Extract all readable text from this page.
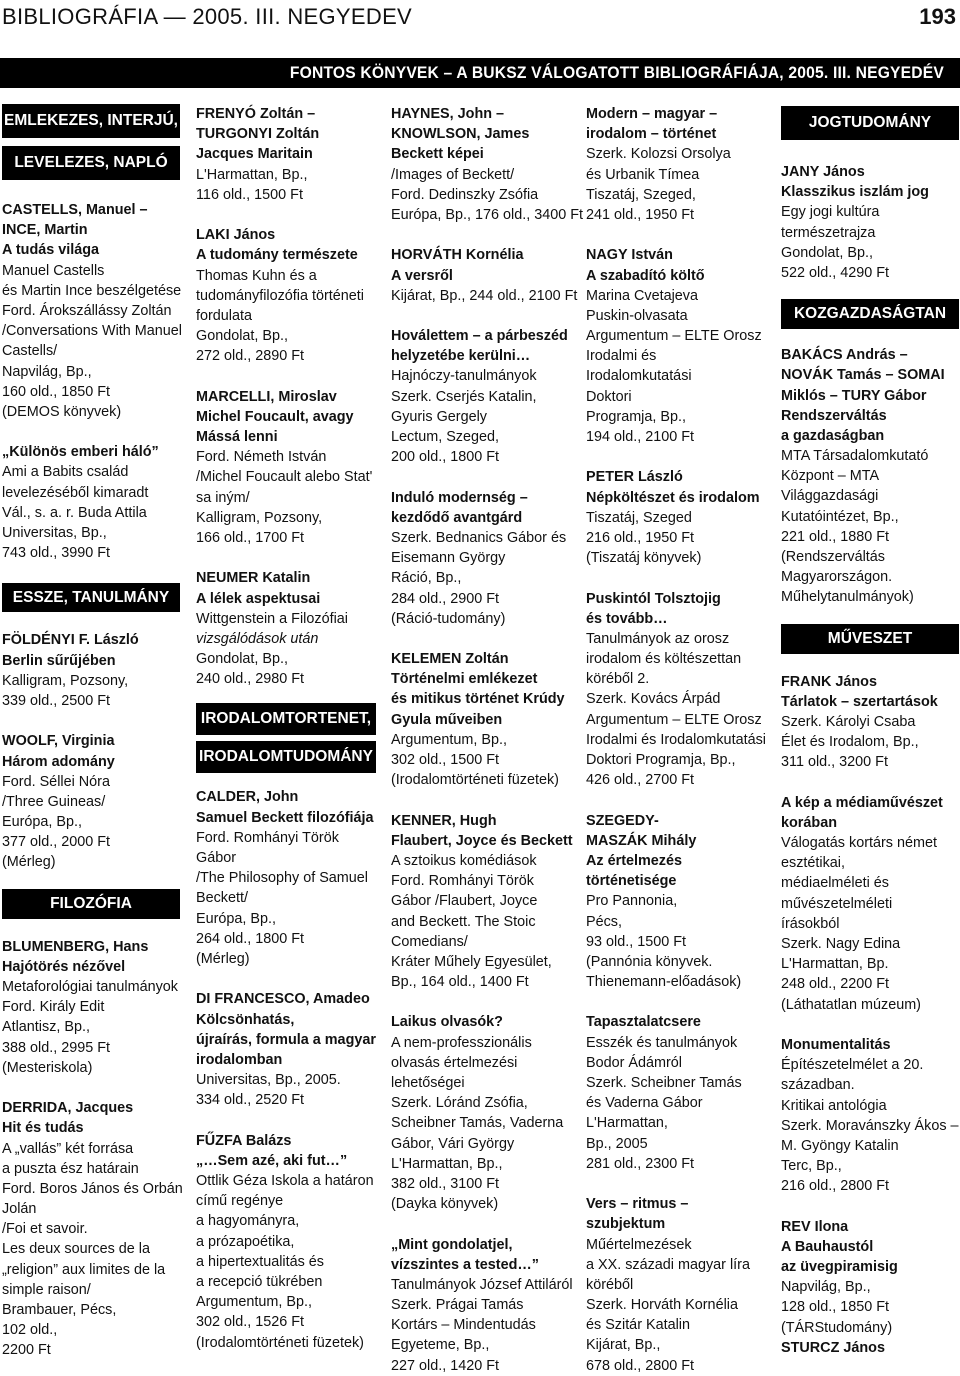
BIBLIOGRÁFIA — 2005. III. NEGYEDEV	193
FONTOS KÖNYVEK – A BUKSZ VÁLOGATOTT BIBLIOGRÁFIÁJA, 2005. III. NEGYEDÉV
EMLEKEZES, INTERJÚ,
LEVELEZES, NAPLÓ
CASTELLS, Manuel –
INCE, Martin
A tudás világa
Manuel Castells
és Martin Ince beszélgetése
Ford. Árokszállássy Zoltán
/Conversations With Manuel
Castells/
Napvilág, Bp.,
160 old., 1850 Ft
(DEMOS könyvek)
„Különös emberi háló”
Ami a Babits család
levelezéséből kimaradt
Vál., s. a. r. Buda Attila
Universitas, Bp.,
743 old., 3990 Ft
ESSZE, TANULMÁNY
FÖLDÉNYI F. László
Berlin sűrűjében
Kalligram, Pozsony,
339 old., 2500 Ft
WOOLF, Virginia
Három adomány
Ford. Séllei Nóra
/Three Guineas/
Európa, Bp.,
377 old., 2000 Ft
(Mérleg)
FILOZÓFIA
BLUMENBERG, Hans
Hajótörés nézővel
Metaforológiai tanulmányok
Ford. Király Edit
Atlantisz, Bp.,
388 old., 2995 Ft
(Mesteriskola)
DERRIDA, Jacques
Hit és tudás
A „vallás” két forrása
a puszta ész határain
Ford. Boros János és Orbán
Jolán
/Foi et savoir.
Les deux sources de la
„religion” aux limites de la
simple raison/
Brambauer, Pécs,
102 old.,
2200 Ft
FRENYÓ Zoltán –
TURGONYI Zoltán
Jacques Maritain
L'Harmattan, Bp.,
116 old., 1500 Ft
LAKI János
A tudomány természete
Thomas Kuhn és a
tudományfilozófia történeti
fordulata
Gondolat, Bp.,
272 old., 2890 Ft
MARCELLI, Miroslav
Michel Foucault, avagy
Mássá lenni
Ford. Németh István
/Michel Foucault alebo Stat'
sa iným/
Kalligram, Pozsony,
166 old., 1700 Ft
NEUMER Katalin
A lélek aspektusai
Wittgenstein a Filozófiai
vizsgálódások után
Gondolat, Bp.,
240 old., 2980 Ft
IRODALOMTORTENET,
IRODALOMTUDOMÁNY
CALDER, John
Samuel Beckett filozófiája
Ford. Romhányi Török
Gábor
/The Philosophy of Samuel
Beckett/
Európa, Bp.,
264 old., 1800 Ft
(Mérleg)
DI FRANCESCO, Amadeo
Kölcsönhatás,
újraírás, formula a magyar
irodalomban
Universitas, Bp., 2005.
334 old., 2520 Ft
FŰZFA Balázs
„…Sem azé, aki fut…”
Ottlik Géza Iskola a határon
című regénye
a hagyományra,
a prózapoétika,
a hipertextualitás és
a recepció tükrében
Argumentum, Bp.,
302 old., 1526 Ft
(Irodalomtörténeti füzetek)
HAYNES, John –
KNOWLSON, James
Beckett képei
/Images of Beckett/
Ford. Dedinszky Zsófia
Európa, Bp., 176 old., 3400 Ft
HORVÁTH Kornélia
A versről
Kijárat, Bp., 244 old., 2100 Ft
Hoválettem – a párbeszéd
helyzetébe kerülni…
Hajnóczy-tanulmányok
Szerk. Cserjés Katalin,
Gyuris Gergely
Lectum, Szeged,
200 old., 1800 Ft
Induló modernség –
kezdődő avantgárd
Szerk. Bednanics Gábor és
Eisemann György
Ráció, Bp.,
284 old., 2900 Ft
(Ráció-tudomány)
KELEMEN Zoltán
Történelmi emlékezet
és mitikus történet Krúdy
Gyula műveiben
Argumentum, Bp.,
302 old., 1500 Ft
(Irodalomtörténeti füzetek)
KENNER, Hugh
Flaubert, Joyce és Beckett
A sztoikus komédiások
Ford. Romhányi Török
Gábor /Flaubert, Joyce
and Beckett. The Stoic
Comedians/
Kráter Műhely Egyesület,
Bp., 164 old., 1400 Ft
Laikus olvasók?
A nem-professzionális
olvasás értelmezési
lehetőségei
Szerk. Lóránd Zsófia,
Scheibner Tamás, Vaderna
Gábor, Vári György
L'Harmattan, Bp.,
382 old., 3100 Ft
(Dayka könyvek)
„Mint gondolatjel,
vízszintes a tested…”
Tanulmányok József Attiláról
Szerk. Prágai Tamás
Kortárs – Mindentudás
Egyeteme, Bp.,
227 old., 1420 Ft
Modern – magyar –
irodalom – történet
Szerk. Kolozsi Orsolya
és Urbanik Tímea
Tiszatáj, Szeged,
241 old., 1950 Ft
NAGY István
A szabadító költő
Marina Cvetajeva
Puskin-olvasata
Argumentum – ELTE Orosz
Irodalmi és
Irodalomkutatási
Doktori
Programja, Bp.,
194 old., 2100 Ft
PETER László
Népköltészet és irodalom
Tiszatáj, Szeged
216 old., 1950 Ft
(Tiszatáj könyvek)
Puskintól Tolsztojig
és tovább…
Tanulmányok az orosz
irodalom és költészettan
köréből 2.
Szerk. Kovács Árpád
Argumentum – ELTE Orosz
Irodalmi és Irodalomkutatási
Doktori Programja, Bp.,
426 old., 2700 Ft
SZEGEDY-
MASZÁK Mihály
Az értelmezés
történetisége
Pro Pannonia,
Pécs,
93 old., 1500 Ft
(Pannónia könyvek.
Thienemann-előadások)
Tapasztalatcsere
Esszék és tanulmányok
Bodor Ádámról
Szerk. Scheibner Tamás
és Vaderna Gábor
L'Harmattan,
Bp., 2005
281 old., 2300 Ft
Vers – ritmus –
szubjektum
Műértelmezések
a XX. századi magyar líra
köréből
Szerk. Horváth Kornélia
és Szitár Katalin
Kijárat, Bp.,
678 old., 2800 Ft
JOGTUDOMÁNY
JANY János
Klasszikus iszlám jog
Egy jogi kultúra
természetrajza
Gondolat, Bp.,
522 old., 4290 Ft
KOZGAZDASÁGTAN
BAKÁCS András –
NOVÁK Tamás – SOMAI
Miklós – TURY Gábor
Rendszerváltás
a gazdaságban
MTA Társadalomkutató
Központ – MTA
Világgazdasági
Kutatóintézet, Bp.,
221 old., 1880 Ft
(Rendszerváltás
Magyarországon.
Műhelytanulmányok)
MŰVESZET
FRANK János
Tárlatok – szertartások
Szerk. Károlyi Csaba
Élet és Irodalom, Bp.,
311 old., 3200 Ft
A kép a médiaművészet
korában
Válogatás kortárs német
esztétikai,
médiaelméleti és
művészetelméleti
írásokból
Szerk. Nagy Edina
L'Harmattan, Bp.
248 old., 2200 Ft
(Láthatatlan múzeum)
Monumentalitás
Építészetelmélet a 20.
században.
Kritikai antológia
Szerk. Moravánszky Ákos –
M. Gyöngy Katalin
Terc, Bp.,
216 old., 2800 Ft
REV Ilona
A Bauhaustól
az üvegpiramisig
Napvilág, Bp.,
128 old., 1850 Ft
(TÁRStudomány)
STURCZ János
